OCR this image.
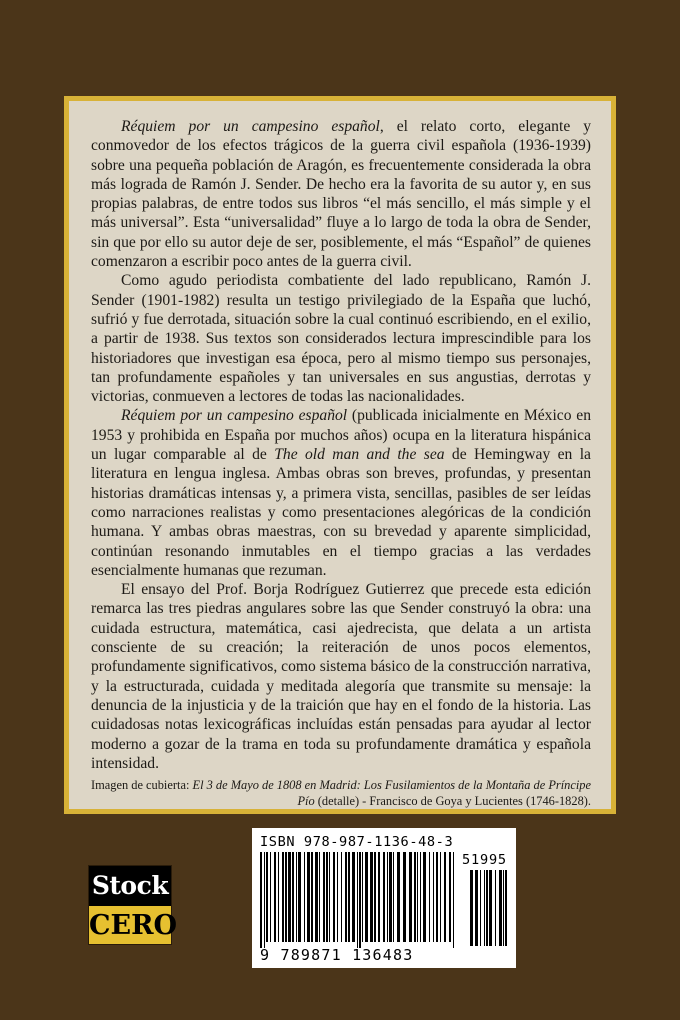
Réquiem por un campesino español, el relato corto, elegante y conmovedor de los efectos trágicos de la guerra civil española (1936-1939) sobre una pequeña población de Aragón, es frecuentemente considerada la obra más lograda de Ramón J. Sender. De hecho era la favorita de su autor y, en sus propias palabras, de entre todos sus libros “el más sencillo, el más simple y el más universal”. Esta “universalidad” fluye a lo largo de toda la obra de Sender, sin que por ello su autor deje de ser, posiblemente, el más “Español” de quienes comenzaron a escribir poco antes de la guerra civil.

Como agudo periodista combatiente del lado republicano, Ramón J. Sender (1901-1982) resulta un testigo privilegiado de la España que luchó, sufrió y fue derrotada, situación sobre la cual continuó escribiendo, en el exilio, a partir de 1938. Sus textos son considerados lectura imprescindible para los historiadores que investigan esa época, pero al mismo tiempo sus personajes, tan profundamente españoles y tan universales en sus angustias, derrotas y victorias, conmueven a lectores de todas las nacionalidades.

Réquiem por un campesino español (publicada inicialmente en México en 1953 y prohibida en España por muchos años) ocupa en la literatura hispánica un lugar comparable al de The old man and the sea de Hemingway en la literatura en lengua inglesa. Ambas obras son breves, profundas, y presentan historias dramáticas intensas y, a primera vista, sencillas, pasibles de ser leídas como narraciones realistas y como presentaciones alegóricas de la condición humana. Y ambas obras maestras, con su brevedad y aparente simplicidad, continúan resonando inmutables en el tiempo gracias a las verdades esencialmente humanas que rezuman.

El ensayo del Prof. Borja Rodríguez Gutierrez que precede esta edición remarca las tres piedras angulares sobre las que Sender construyó la obra: una cuidada estructura, matemática, casi ajedrecista, que delata a un artista consciente de su creación; la reiteración de unos pocos elementos, profundamente significativos, como sistema básico de la construcción narrativa, y la estructurada, cuidada y meditada alegoría que transmite su mensaje: la denuncia de la injusticia y de la traición que hay en el fondo de la historia. Las cuidadosas notas lexicográficas incluídas están pensadas para ayudar al lector moderno a gozar de la trama en toda su profundamente dramática y española intensidad.

Imagen de cubierta: El 3 de Mayo de 1808 en Madrid: Los Fusilamientos de la Montaña de Príncipe Pío (detalle) - Francisco de Goya y Lucientes (1746-1828).

Stock
CERO
ISBN 978-987-1136-48-3
51995
9 789871 136483
